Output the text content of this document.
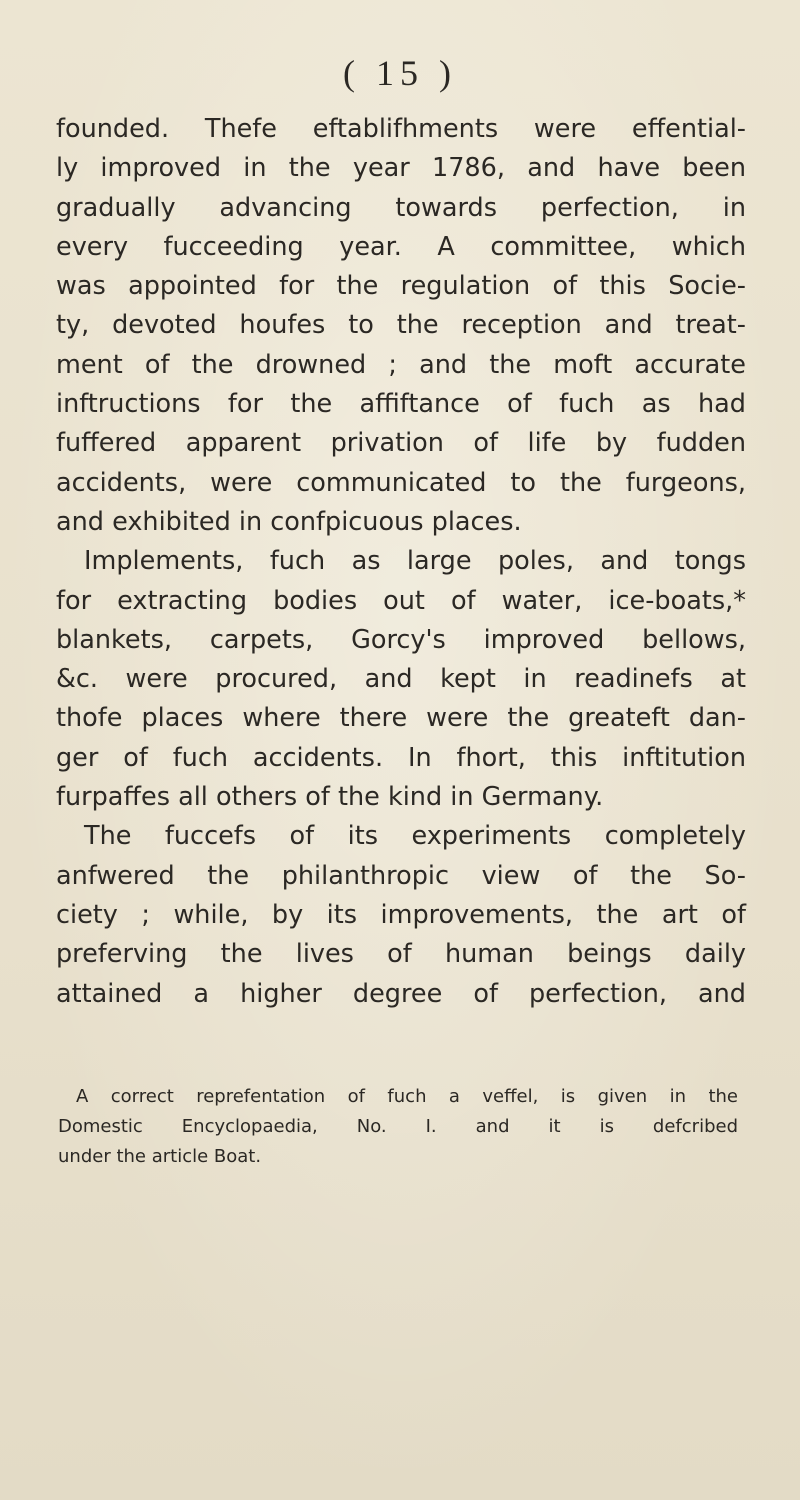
( 15 )
founded. Thefe eftablifhments were effential-
ly improved in the year 1786, and have been
gradually advancing towards perfection, in
every fucceeding year. A committee, which
was appointed for the regulation of this Socie-
ty, devoted houfes to the reception and treat-
ment of the drowned ; and the moft accurate
inftructions for the affiftance of fuch as had
fuffered apparent privation of life by fudden
accidents, were communicated to the furgeons,
and exhibited in confpicuous places.
Implements, fuch as large poles, and tongs
for extracting bodies out of water, ice-boats,*
blankets, carpets, Gorcy's improved bellows,
&c. were procured, and kept in readinefs at
thofe places where there were the greateft dan-
ger of fuch accidents. In fhort, this inftitution
furpaffes all others of the kind in Germany.
The fuccefs of its experiments completely
anfwered the philanthropic view of the So-
ciety ; while, by its improvements, the art of
preferving the lives of human beings daily
attained a higher degree of perfection, and
A correct reprefentation of fuch a veffel, is given in the
Domestic Encyclopaedia, No. I. and it is defcribed
under the article Boat.
